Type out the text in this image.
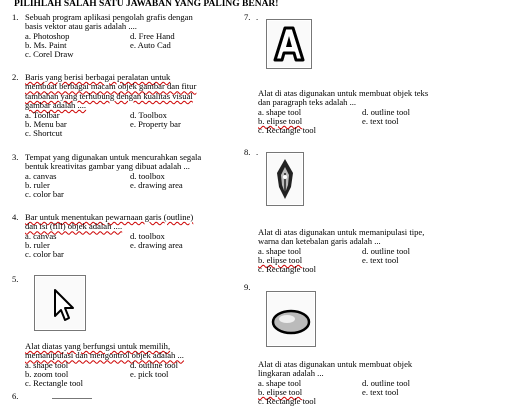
PILIHLAH SALAH SATU JAWABAN YANG PALING BENAR!
1. Sebuah program aplikasi pengolah grafis dengan
basis vektor atau garis adalah ....
a. Photoshop	d. Free Hand
b. Ms. Paint	e. Auto Cad
c. Corel Draw
2. Baris yang berisi berbagai peralatan untuk
membuat berbagai macam objek gambar dan fitur
tambahan yang terhubung dengan kualitas visual
gambar adalah ....
a. Toolbar	d. Toolbox
b. Menu bar	e. Property bar
c. Shortcut
3. Tempat yang digunakan untuk mencurahkan segala
bentuk kreativitas gambar yang dibuat adalah ...
a. canvas	d. toolbox
b. ruler	e. drawing area
c. color bar
4. Bar untuk menentukan pewarnaan garis (outline)
dan isi (fill) objek adalah ....
a. canvas	d. toolbox
b. ruler	e. drawing area
c. color bar
5.
Alat diatas yang berfungsi untuk memilih,
memanipulasi dan mengontrol objek adalah ...
a. shape tool	d. outline tool
b. zoom tool	e. pick tool
c. Rectangle tool
6.
7. .
Alat di atas digunakan untuk membuat objek teks
dan paragraph teks adalah ...
a. shape tool	d. outline tool
b. elipse tool	e. text tool
c. Rectangle tool
8. .
Alat di atas digunakan untuk memanipulasi tipe,
warna dan ketebalan garis adalah ...
a. shape tool	d. outline tool
b. elipse tool	e. text tool
c. Rectangle tool
9.
Alat di atas digunakan untuk membuat objek
lingkaran adalah ...
a. shape tool	d. outline tool
b. elipse tool	e. text tool
c. Rectangle tool
